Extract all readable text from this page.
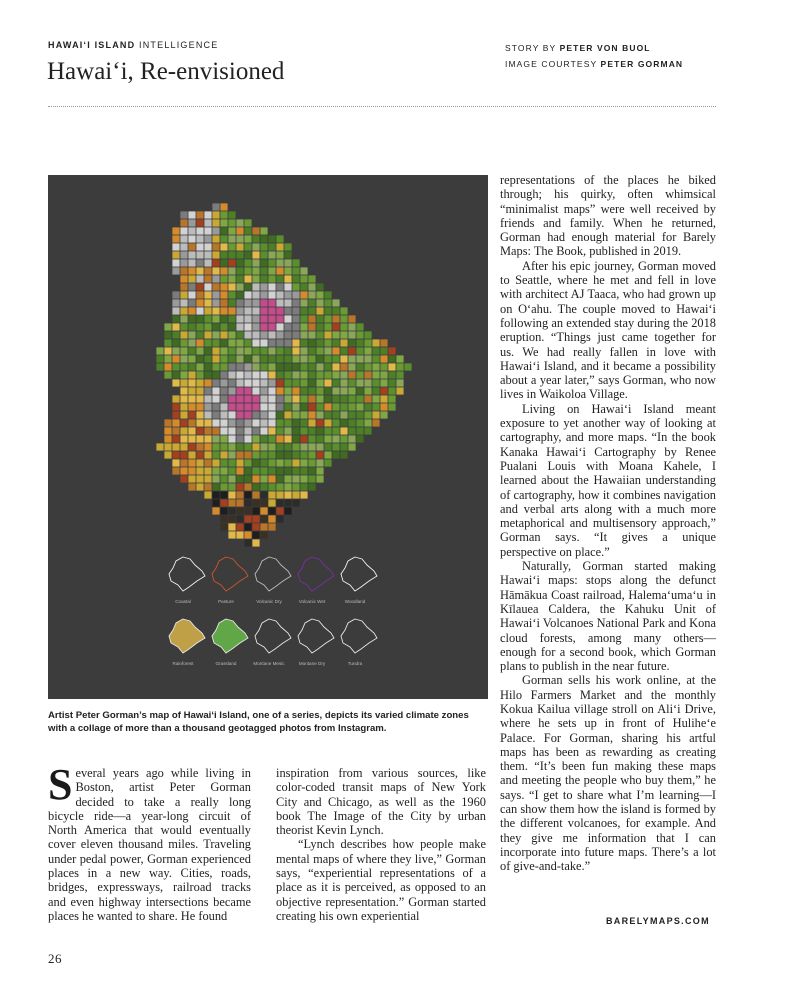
HAWAI‘I ISLAND INTELLIGENCE
Hawai‘i, Re-envisioned
STORY BY PETER VON BUOL
IMAGE COURTESY PETER GORMAN
Coastal	Pasture	Volcanic Dry	Volcanic Wet	Woodland
Rainforest	Grassland	Montane Mesic	Montane Dry	Tundra
Artist Peter Gorman’s map of Hawai‘i Island, one of a series, depicts its varied climate zones with a collage of more than a thousand geotagged photos from Instagram.

Several years ago while living in Boston, artist Peter Gorman decided to take a really long bicycle ride—a year-long circuit of North America that would eventually cover eleven thousand miles. Traveling under pedal power, Gorman experienced places in a new way. Cities, roads, bridges, expressways, railroad tracks and even highway intersections became places he wanted to share. He found

inspiration from various sources, like color-coded transit maps of New York City and Chicago, as well as the 1960 book The Image of the City by urban theorist Kevin Lynch.

“Lynch describes how people make mental maps of where they live,” Gorman says, “experiential representations of a place as it is perceived, as opposed to an objective representation.” Gorman started creating his own experiential

representations of the places he biked through; his quirky, often whimsical “minimalist maps” were well received by friends and family. When he returned, Gorman had enough material for Barely Maps: The Book, published in 2019.

After his epic journey, Gorman moved to Seattle, where he met and fell in love with architect AJ Taaca, who had grown up on O‘ahu. The couple moved to Hawai‘i following an extended stay during the 2018 eruption. “Things just came together for us. We had really fallen in love with Hawai‘i Island, and it became a possibility about a year later,” says Gorman, who now lives in Waikoloa Village.

Living on Hawai‘i Island meant exposure to yet another way of looking at cartography, and more maps. “In the book Kanaka Hawai‘i Cartography by Renee Pualani Louis with Moana Kahele, I learned about the Hawaiian understanding of cartography, how it combines navigation and verbal arts along with a much more metaphorical and multisensory approach,” Gorman says. “It gives a unique perspective on place.”

Naturally, Gorman started making Hawai‘i maps: stops along the defunct Hāmākua Coast railroad, Halema‘uma‘u in Kīlauea Caldera, the Kahuku Unit of Hawai‘i Volcanoes National Park and Kona cloud forests, among many others—enough for a second book, which Gorman plans to publish in the near future.

Gorman sells his work online, at the Hilo Farmers Market and the monthly Kokua Kailua village stroll on Ali‘i Drive, where he sets up in front of Hulihe‘e Palace. For Gorman, sharing his artful maps has been as rewarding as creating them. “It’s been fun making these maps and meeting the people who buy them,” he says. “I get to share what I’m learning—I can show them how the island is formed by the different volcanoes, for example. And they give me information that I can incorporate into future maps. There’s a lot of give-and-take.”

BARELYMAPS.COM
26
